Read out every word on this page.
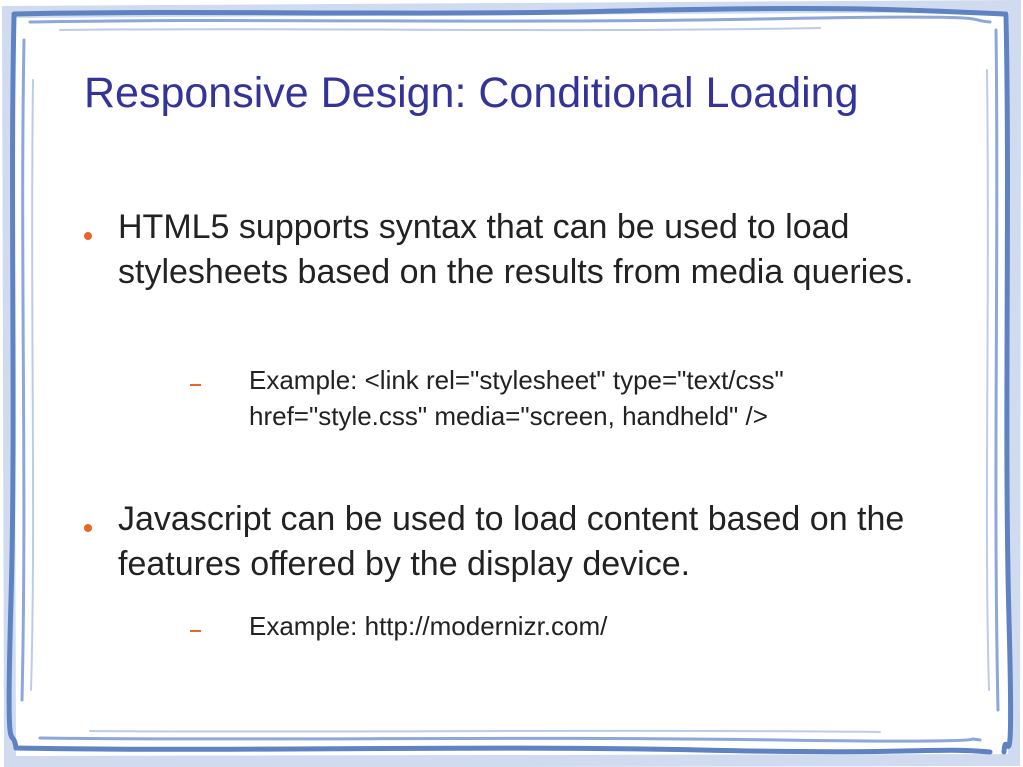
Responsive Design: Conditional Loading
HTML5 supports syntax that can be used to load stylesheets based on the results from media queries.
Example: <link rel="stylesheet" type="text/css" href="style.css" media="screen, handheld" />
Javascript can be used to load content based on the features offered by the display device.
Example: http://modernizr.com/
